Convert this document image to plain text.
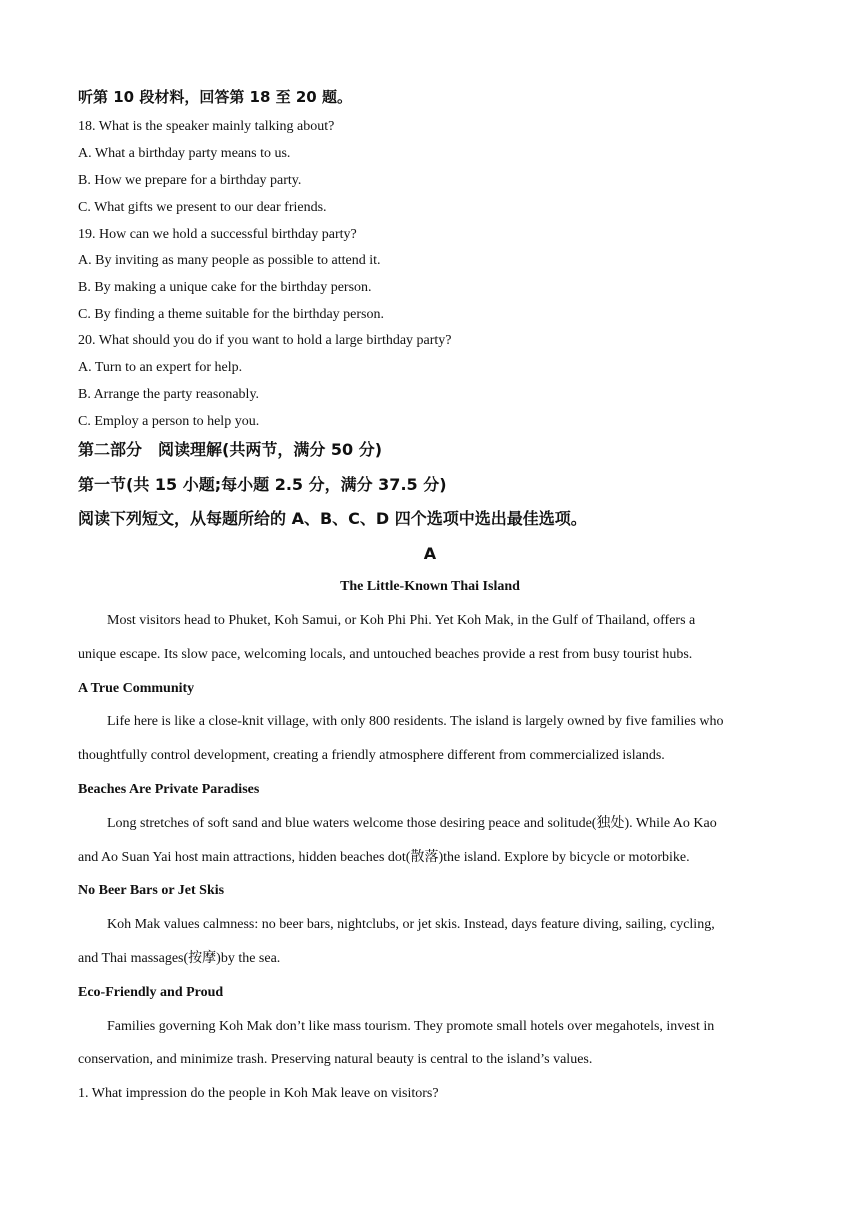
听第 10 段材料，回答第 18 至 20 题。
18. What is the speaker mainly talking about?
A. What a birthday party means to us.
B. How we prepare for a birthday party.
C. What gifts we present to our dear friends.
19. How can we hold a successful birthday party?
A. By inviting as many people as possible to attend it.
B. By making a unique cake for the birthday person.
C. By finding a theme suitable for the birthday person.
20. What should you do if you want to hold a large birthday party?
A. Turn to an expert for help.
B. Arrange the party reasonably.
C. Employ a person to help you.
第二部分　阅读理解(共两节，满分 50 分)
第一节(共 15 小题;每小题 2.5 分，满分 37.5 分)
阅读下列短文，从每题所给的 A、B、C、D 四个选项中选出最佳选项。
A
The Little-Known Thai Island
Most visitors head to Phuket, Koh Samui, or Koh Phi Phi. Yet Koh Mak, in the Gulf of Thailand, offers a
unique escape. Its slow pace, welcoming locals, and untouched beaches provide a rest from busy tourist hubs.
A True Community
Life here is like a close-knit village, with only 800 residents. The island is largely owned by five families who
thoughtfully control development, creating a friendly atmosphere different from commercialized islands.
Beaches Are Private Paradises
Long stretches of soft sand and blue waters welcome those desiring peace and solitude(独处). While Ao Kao
and Ao Suan Yai host main attractions, hidden beaches dot(散落)the island. Explore by bicycle or motorbike.
No Beer Bars or Jet Skis
Koh Mak values calmness: no beer bars, nightclubs, or jet skis. Instead, days feature diving, sailing, cycling,
and Thai massages(按摩)by the sea.
Eco-Friendly and Proud
Families governing Koh Mak don’t like mass tourism. They promote small hotels over megahotels, invest in
conservation, and minimize trash. Preserving natural beauty is central to the island’s values.
1. What impression do the people in Koh Mak leave on visitors?
